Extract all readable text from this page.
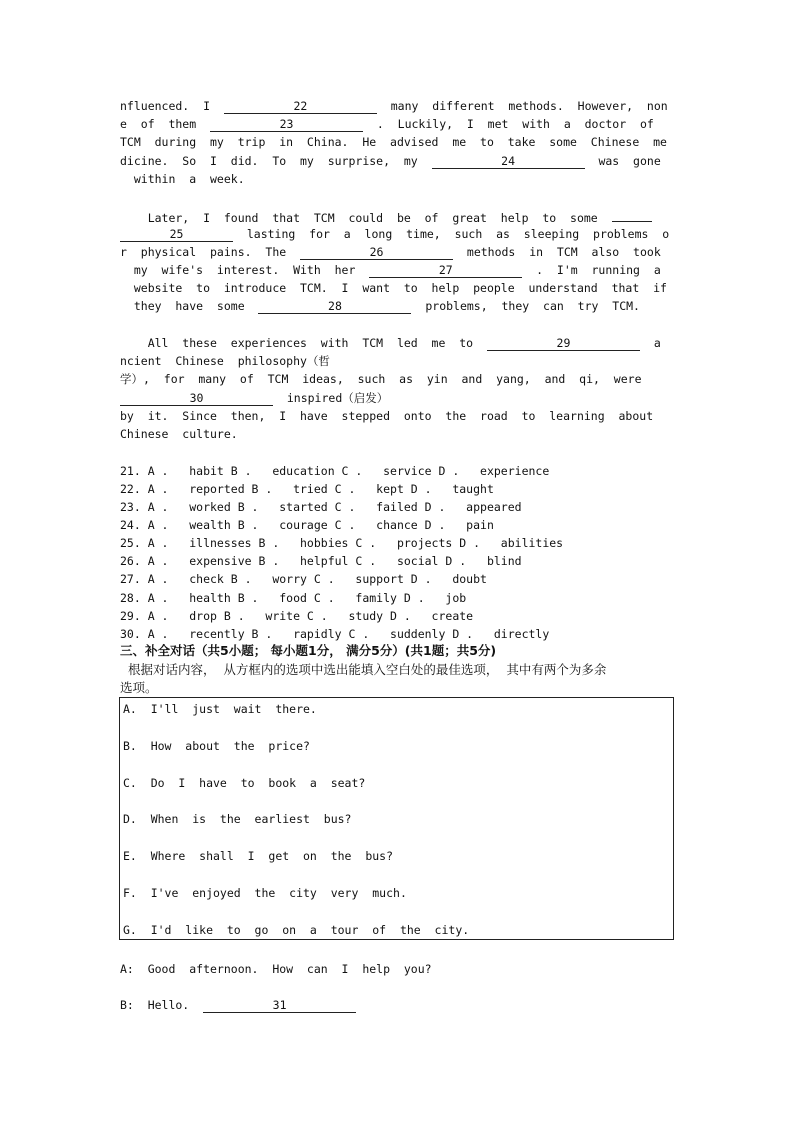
nfluenced.  I	22	many  different  methods.  However,  non
e  of  them	23	.  Luckily,  I  met  with  a  doctor  of
TCM  during  my  trip  in  China.  He  advised  me  to  take  some  Chinese  me
dicine.  So  I  did.  To  my  surprise,  my	24	was  gone
within  a  week.
Later,  I  found  that  TCM  could  be  of  great  help  to  some
25	lasting  for  a  long  time,  such  as  sleeping  problems  o
r  physical  pains.  The	26	methods  in  TCM  also  took
my  wife's  interest.  With  her	27	.  I'm  running  a
website  to  introduce  TCM.  I  want  to  help  people  understand  that  if
they  have  some	28	problems,  they  can  try  TCM.
All  these  experiences  with  TCM  led  me  to	29	a
ncient  Chinese  philosophy（哲
学）,  for  many  of  TCM  ideas,  such  as  yin  and  yang,  and  qi,  were
30	inspired（启发）
by  it.  Since  then,  I  have  stepped  onto  the  road  to  learning  about
Chinese  culture.
21. A .   habit B .   education C .   service D .   experience
22. A .   reported B .   tried C .   kept D .   taught
23. A .   worked B .   started C .   failed D .   appeared
24. A .   wealth B .   courage C .   chance D .   pain
25. A .   illnesses B .   hobbies C .   projects D .   abilities
26. A .   expensive B .   helpful C .   social D .   blind
27. A .   check B .   worry C .   support D .   doubt
28. A .   health B .   food C .   family D .   job
29. A .   drop B .   write C .   study D .   create
30. A .   recently B .   rapidly C .   suddenly D .   directly
三、补全对话（共5小题； 每小题1分， 满分5分）(共1题；共5分)
根据对话内容，  从方框内的选项中选出能填入空白处的最佳选项，  其中有两个为多余
选项。
A.  I'll  just  wait  there.
B.  How  about  the  price?
C.  Do  I  have  to  book  a  seat?
D.  When  is  the  earliest  bus?
E.  Where  shall  I  get  on  the  bus?
F.  I've  enjoyed  the  city  very  much.
G.  I'd  like  to  go  on  a  tour  of  the  city.
A:  Good  afternoon.  How  can  I  help  you?
B:  Hello.	31
